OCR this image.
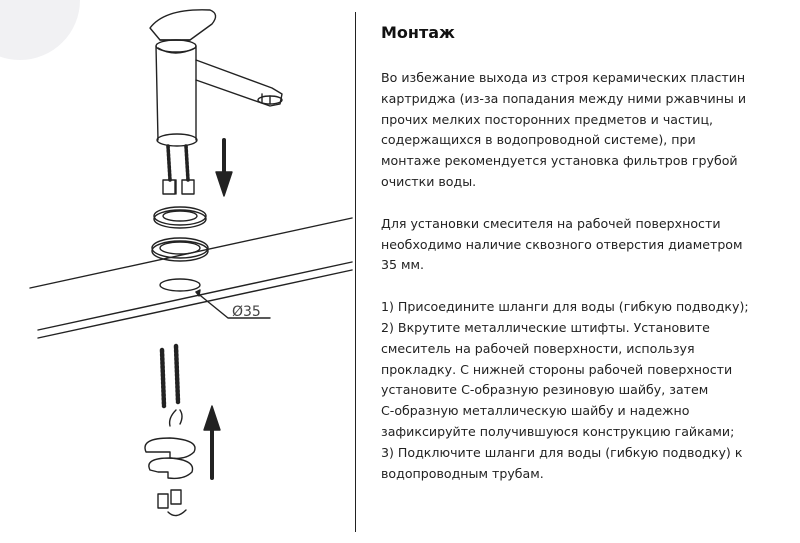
Ø35
Монтаж

Во избежание выхода из строя керамических пластин
картриджа (из-за попадания между ними ржавчины и
прочих мелких посторонних предметов и частиц,
содержащихся в водопроводной системе), при
монтаже рекомендуется установка фильтров грубой
очистки воды.

Для установки смесителя на рабочей поверхности
необходимо наличие сквозного отверстия диаметром
35 мм.

1) Присоедините шланги для воды (гибкую подводку);
2) Вкрутите металлические штифты. Установите
смеситель на рабочей поверхности, используя
прокладку. С нижней стороны рабочей поверхности
установите С-образную резиновую шайбу, затем
С-образную металлическую шайбу и надежно
зафиксируйте получившуюся конструкцию гайками;
3) Подключите шланги для воды (гибкую подводку) к
водопроводным трубам.
